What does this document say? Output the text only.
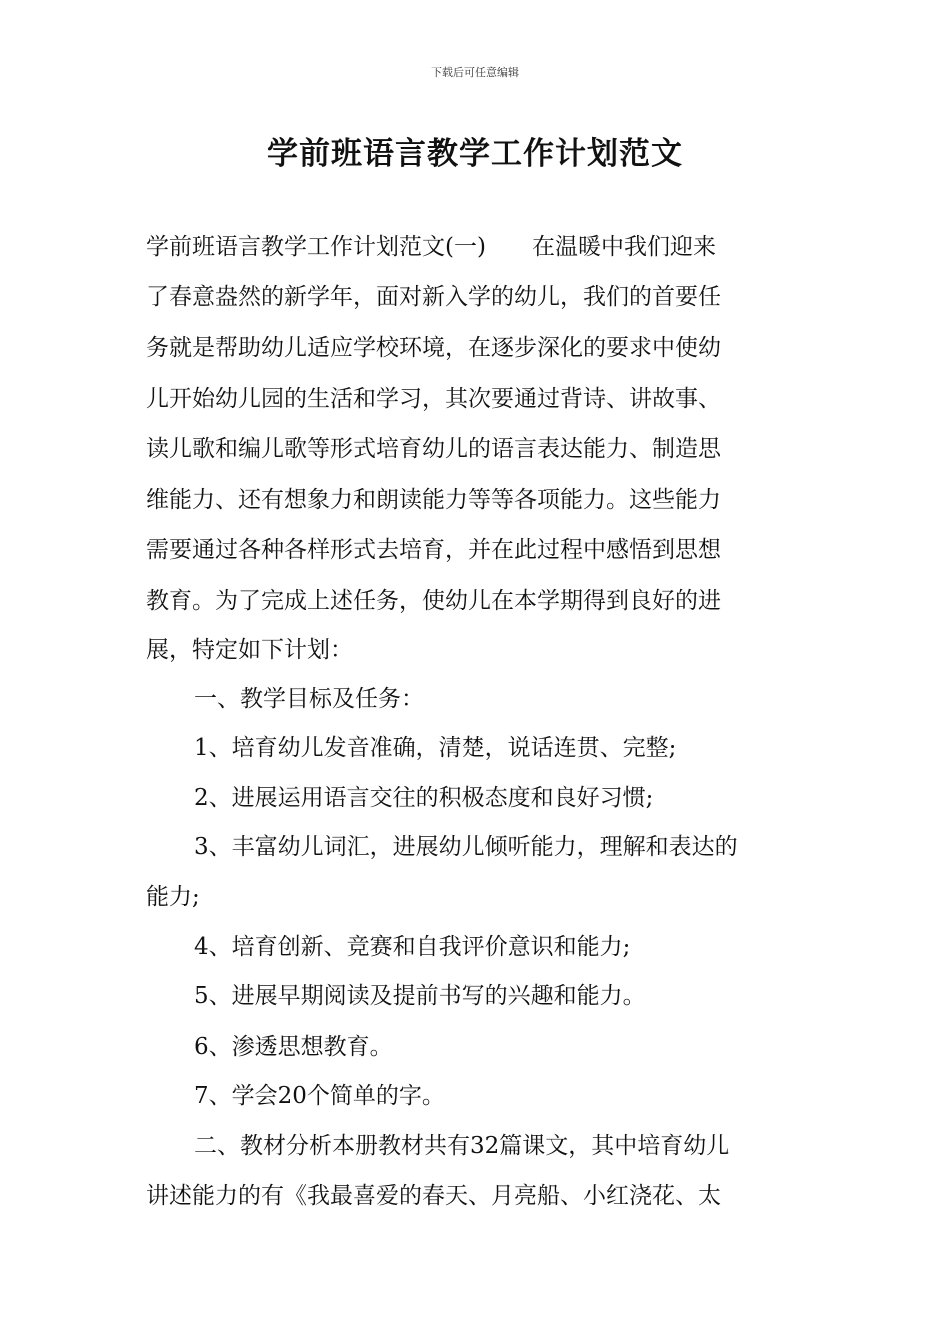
下载后可任意编辑
学前班语言教学工作计划范文
学前班语言教学工作计划范文(一)　　在温暖中我们迎来
了春意盎然的新学年，面对新入学的幼儿，我们的首要任
务就是帮助幼儿适应学校环境，在逐步深化的要求中使幼
儿开始幼儿园的生活和学习，其次要通过背诗、讲故事、
读儿歌和编儿歌等形式培育幼儿的语言表达能力、制造思
维能力、还有想象力和朗读能力等等各项能力。这些能力
需要通过各种各样形式去培育，并在此过程中感悟到思想
教育。为了完成上述任务，使幼儿在本学期得到良好的进
展，特定如下计划：
一、教学目标及任务：
1、培育幼儿发音准确，清楚，说话连贯、完整;
2、进展运用语言交往的积极态度和良好习惯;
3、丰富幼儿词汇，进展幼儿倾听能力，理解和表达的
能力;
4、培育创新、竞赛和自我评价意识和能力;
5、进展早期阅读及提前书写的兴趣和能力。
6、渗透思想教育。
7、学会20个简单的字。
二、教材分析本册教材共有32篇课文，其中培育幼儿
讲述能力的有《我最喜爱的春天、月亮船、小红浇花、太
